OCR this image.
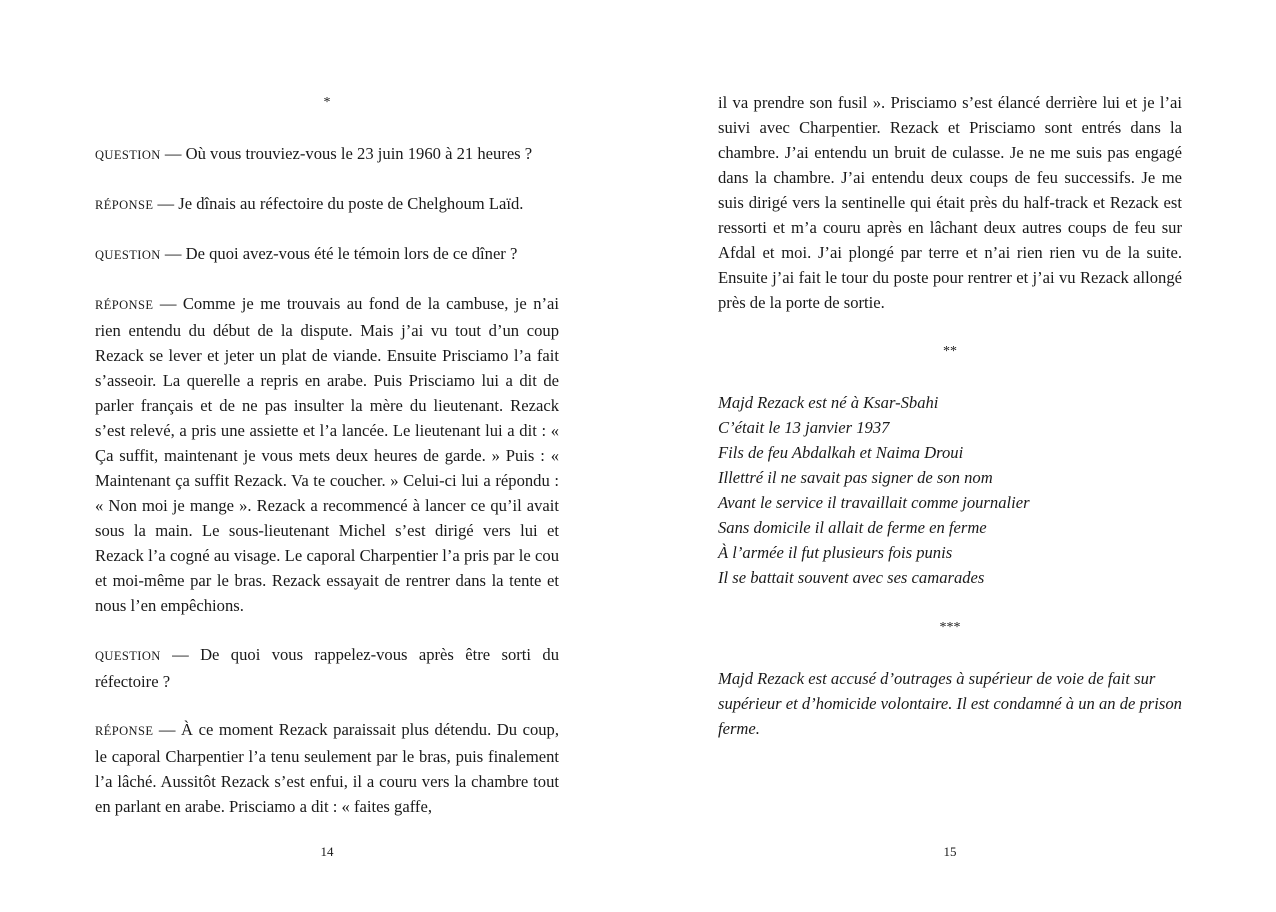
*

QUESTION — Où vous trouviez-vous le 23 juin 1960 à 21 heures ?

RÉPONSE — Je dînais au réfectoire du poste de Chelghoum Laïd.

QUESTION — De quoi avez-vous été le témoin lors de ce dîner ?

RÉPONSE — Comme je me trouvais au fond de la cambuse, je n’ai rien entendu du début de la dispute. Mais j’ai vu tout d’un coup Rezack se lever et jeter un plat de viande. Ensuite Prisciamo l’a fait s’asseoir. La querelle a repris en arabe. Puis Prisciamo lui a dit de parler français et de ne pas insulter la mère du lieutenant. Rezack s’est relevé, a pris une assiette et l’a lancée. Le lieutenant lui a dit : « Ça suffit, maintenant je vous mets deux heures de garde. » Puis : « Maintenant ça suffit Rezack. Va te coucher. » Celui-ci lui a répondu : « Non moi je mange ». Rezack a recommencé à lancer ce qu’il avait sous la main. Le sous-lieutenant Michel s’est dirigé vers lui et Rezack l’a cogné au visage. Le caporal Charpentier l’a pris par le cou et moi-même par le bras. Rezack essayait de rentrer dans la tente et nous l’en empêchions.

QUESTION — De quoi vous rappelez-vous après être sorti du réfectoire ?

RÉPONSE — À ce moment Rezack paraissait plus détendu. Du coup, le caporal Charpentier l’a tenu seulement par le bras, puis finalement l’a lâché. Aussitôt Rezack s’est enfui, il a couru vers la chambre tout en parlant en arabe. Prisciamo a dit : « faites gaffe,

14

il va prendre son fusil ». Prisciamo s’est élancé derrière lui et je l’ai suivi avec Charpentier. Rezack et Prisciamo sont entrés dans la chambre. J’ai entendu un bruit de culasse. Je ne me suis pas engagé dans la chambre. J’ai entendu deux coups de feu successifs. Je me suis dirigé vers la sentinelle qui était près du half-track et Rezack est ressorti et m’a couru après en lâchant deux autres coups de feu sur Afdal et moi. J’ai plongé par terre et n’ai rien rien vu de la suite. Ensuite j’ai fait le tour du poste pour rentrer et j’ai vu Rezack allongé près de la porte de sortie.

**
Majd Rezack est né à Ksar-Sbahi
C’était le 13 janvier 1937
Fils de feu Abdalkah et Naima Droui
Illettré il ne savait pas signer de son nom
Avant le service il travaillait comme journalier
Sans domicile il allait de ferme en ferme
À l’armée il fut plusieurs fois punis
Il se battait souvent avec ses camarades
***

Majd Rezack est accusé d’outrages à supérieur de voie de fait sur supérieur et d’homicide volontaire. Il est condamné à un an de prison ferme.

15
